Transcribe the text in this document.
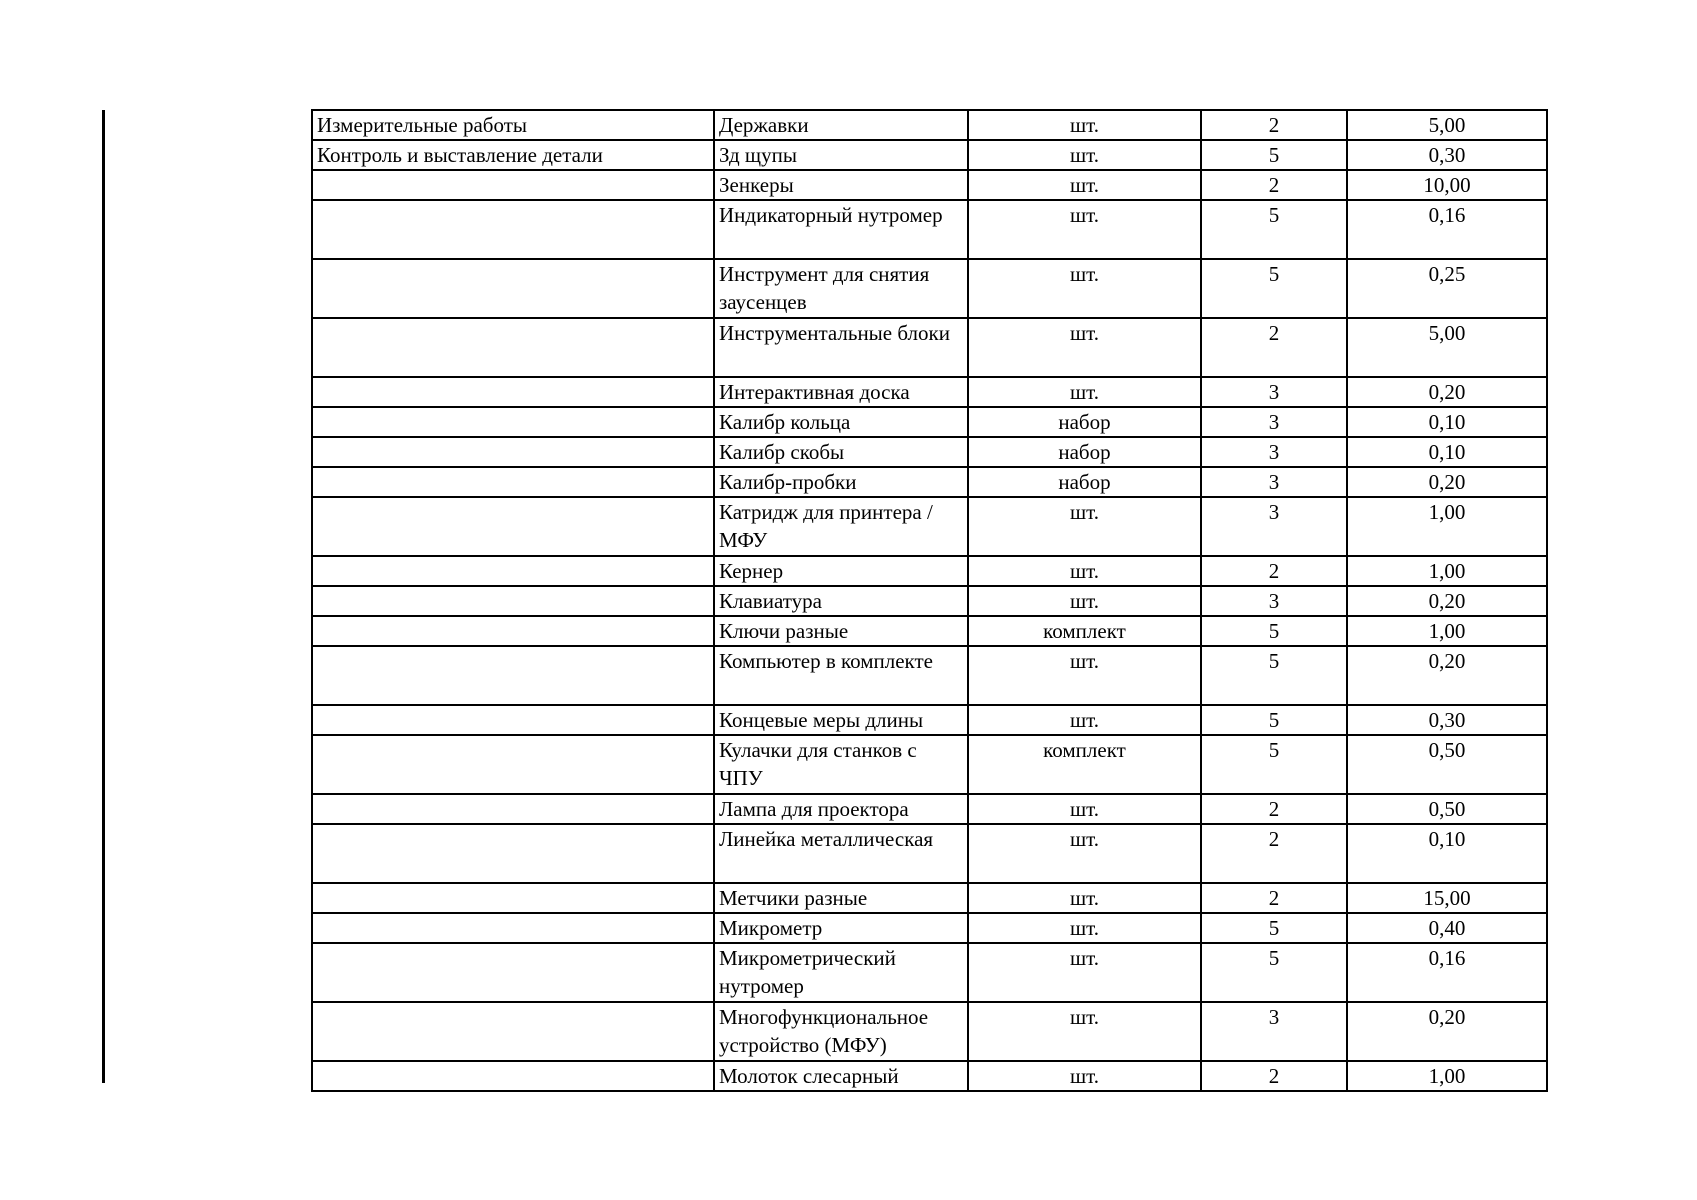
Измерительные работы	Державки	шт.	2	5,00
Контроль и выставление детали	Зд щупы	шт.	5	0,30
	Зенкеры	шт.	2	10,00
	Индикаторный нутромер	шт.	5	0,16
	Инструмент для снятия заусенцев	шт.	5	0,25
	Инструментальные блоки	шт.	2	5,00
	Интерактивная доска	шт.	3	0,20
	Калибр кольца	набор	3	0,10
	Калибр скобы	набор	3	0,10
	Калибр-пробки	набор	3	0,20
	Катридж для принтера /МФУ	шт.	3	1,00
	Кернер	шт.	2	1,00
	Клавиатура	шт.	3	0,20
	Ключи разные	комплект	5	1,00
	Компьютер в комплекте	шт.	5	0,20
	Концевые меры длины	шт.	5	0,30
	Кулачки для станков с ЧПУ	комплект	5	0,50
	Лампа для проектора	шт.	2	0,50
	Линейка металлическая	шт.	2	0,10
	Метчики разные	шт.	2	15,00
	Микрометр	шт.	5	0,40
	Микрометрический нутромер	шт.	5	0,16
	Многофункциональное устройство (МФУ)	шт.	3	0,20
	Молоток слесарный	шт.	2	1,00
